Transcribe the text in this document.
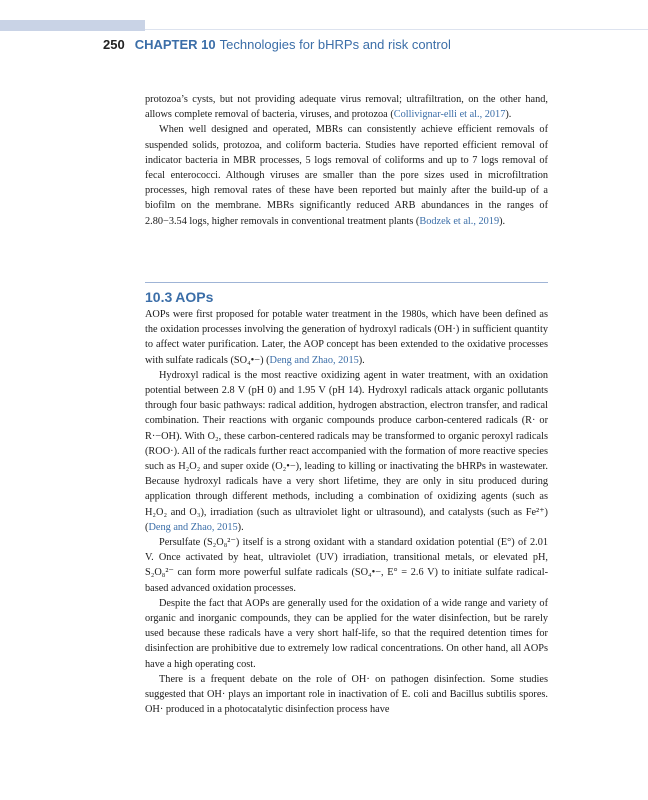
250 CHAPTER 10 Technologies for bHRPs and risk control

protozoa’s cysts, but not providing adequate virus removal; ultrafiltration, on the other hand, allows complete removal of bacteria, viruses, and protozoa (Collivignar-elli et al., 2017).

When well designed and operated, MBRs can consistently achieve efficient removals of suspended solids, protozoa, and coliform bacteria. Studies have reported efficient removal of indicator bacteria in MBR processes, 5 logs removal of coliforms and up to 7 logs removal of fecal enterococci. Although viruses are smaller than the pore sizes used in microfiltration processes, high removal rates of these have been reported but mainly after the build-up of a biofilm on the membrane. MBRs significantly reduced ARB abundances in the ranges of 2.80−3.54 logs, higher removals in conventional treatment plants (Bodzek et al., 2019).

10.3 AOPs

AOPs were first proposed for potable water treatment in the 1980s, which have been defined as the oxidation processes involving the generation of hydroxyl radicals (OH·) in sufficient quantity to affect water purification. Later, the AOP concept has been extended to the oxidative processes with sulfate radicals (SO₄•−) (Deng and Zhao, 2015).

Hydroxyl radical is the most reactive oxidizing agent in water treatment, with an oxidation potential between 2.8 V (pH 0) and 1.95 V (pH 14). Hydroxyl radicals attack organic pollutants through four basic pathways: radical addition, hydrogen abstraction, electron transfer, and radical combination. Their reactions with organic compounds produce carbon-centered radicals (R· or R·−OH). With O₂, these carbon-centered radicals may be transformed to organic peroxyl radicals (ROO·). All of the radicals further react accompanied with the formation of more reactive species such as H₂O₂ and super oxide (O₂•−), leading to killing or inactivating the bHRPs in wastewater. Because hydroxyl radicals have a very short lifetime, they are only in situ produced during application through different methods, including a combination of oxidizing agents (such as H₂O₂ and O₃), irradiation (such as ultraviolet light or ultrasound), and catalysts (such as Fe²⁺) (Deng and Zhao, 2015).

Persulfate (S₂O₈²⁻) itself is a strong oxidant with a standard oxidation potential (E°) of 2.01 V. Once activated by heat, ultraviolet (UV) irradiation, transitional metals, or elevated pH, S₂O₈²⁻ can form more powerful sulfate radicals (SO₄•−, E° = 2.6 V) to initiate sulfate radical-based advanced oxidation processes.

Despite the fact that AOPs are generally used for the oxidation of a wide range and variety of organic and inorganic compounds, they can be applied for the water disinfection, but be rarely used because these radicals have a very short half-life, so that the required detention times for disinfection are prohibitive due to extremely low radical concentrations. On other hand, all AOPs have a high operating cost.

There is a frequent debate on the role of OH· on pathogen disinfection. Some studies suggested that OH· plays an important role in inactivation of E. coli and Bacillus subtilis spores. OH· produced in a photocatalytic disinfection process have
